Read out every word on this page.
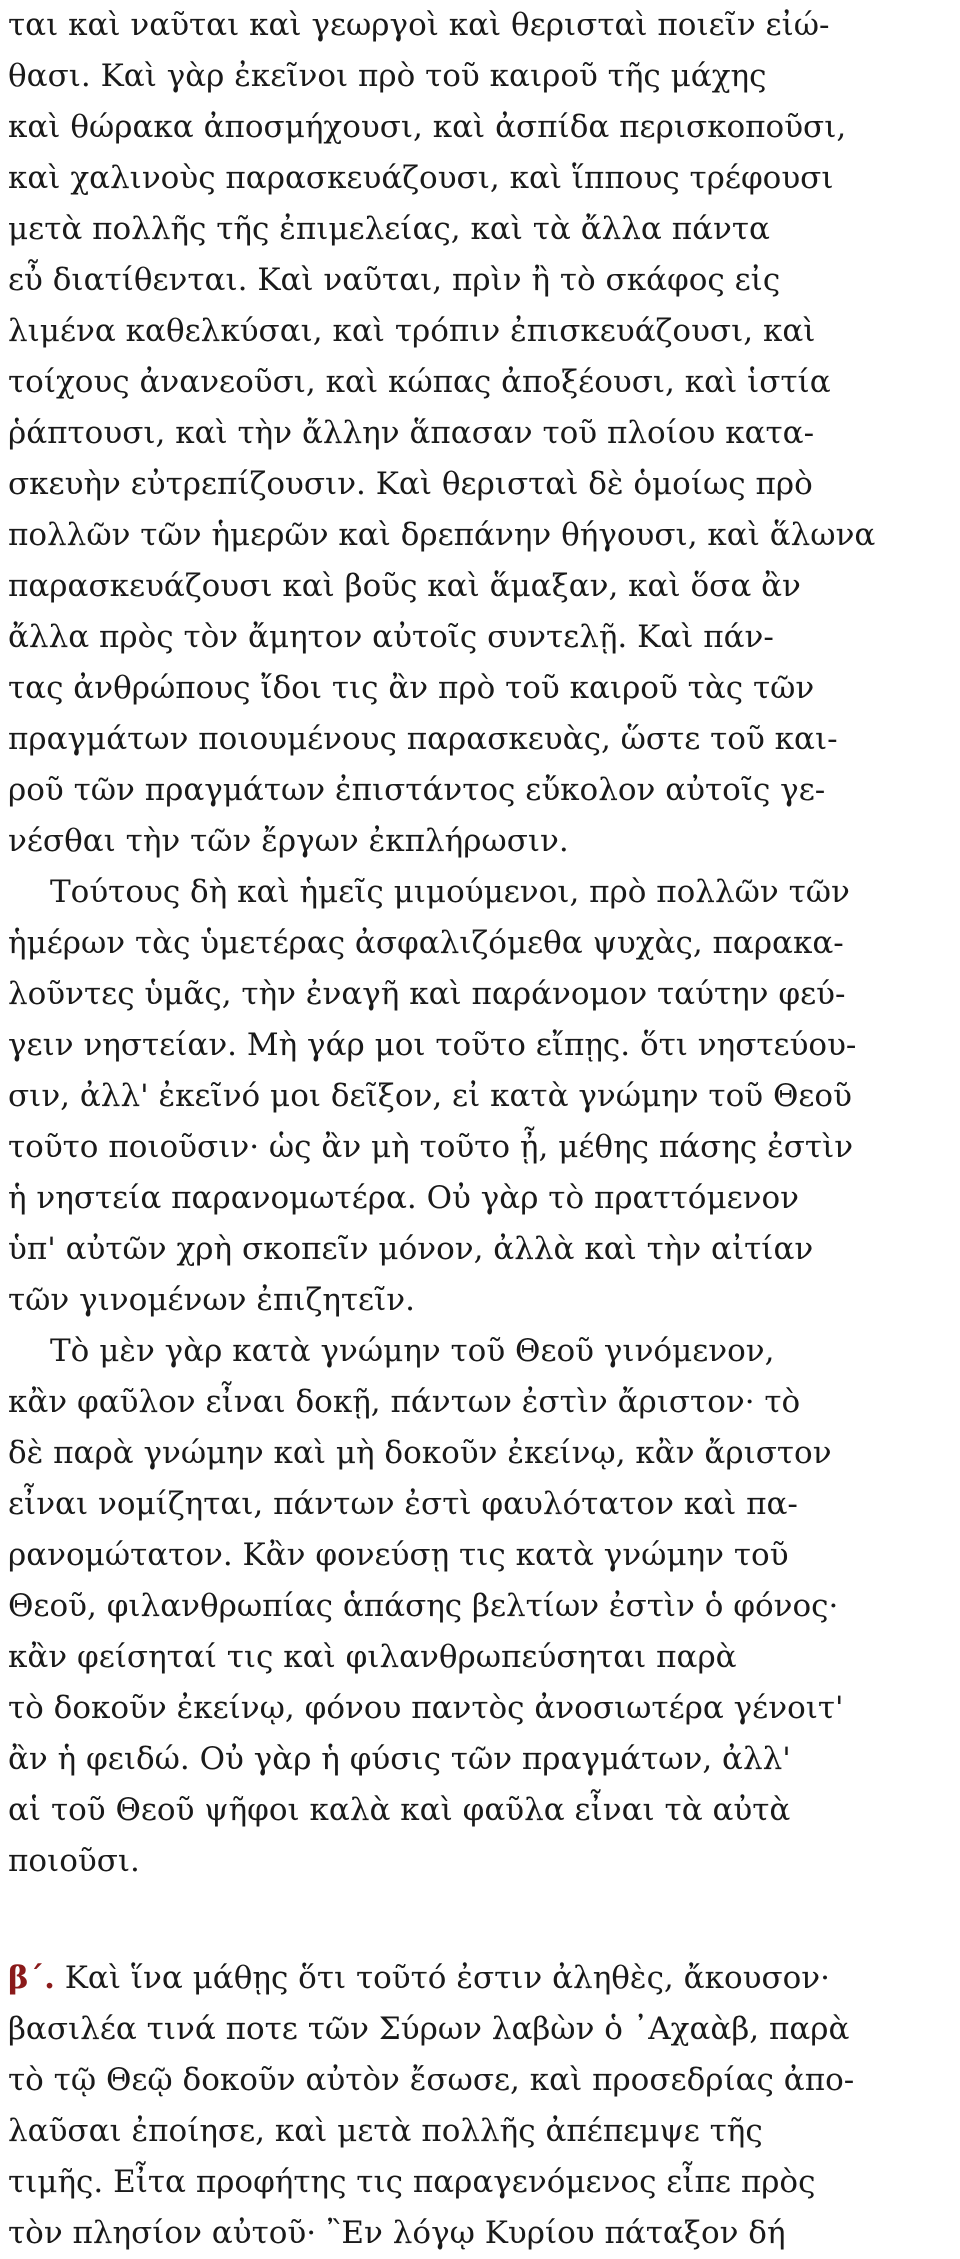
ται καὶ ναῦται καὶ γεωργοὶ καὶ θερισταὶ ποιεῖν εἰώ-
θασι. Καὶ γὰρ ἐκεῖνοι πρὸ τοῦ καιροῦ τῆς μάχης
καὶ θώρακα ἀποσμήχουσι, καὶ ἀσπίδα περισκοποῦσι,
καὶ χαλινοὺς παρασκευάζουσι, καὶ ἵππους τρέφουσι
μετὰ πολλῆς τῆς ἐπιμελείας, καὶ τὰ ἄλλα πάντα
εὖ διατίθενται. Καὶ ναῦται, πρὶν ἢ τὸ σκάφος εἰς
λιμένα καθελκύσαι, καὶ τρόπιν ἐπισκευάζουσι, καὶ
τοίχους ἀνανεοῦσι, καὶ κώπας ἀποξέουσι, καὶ ἱστία
ῥάπτουσι, καὶ τὴν ἄλλην ἅπασαν τοῦ πλοίου κατα-
σκευὴν εὐτρεπίζουσιν. Καὶ θερισταὶ δὲ ὁμοίως πρὸ
πολλῶν τῶν ἡμερῶν καὶ δρεπάνην θήγουσι, καὶ ἅλωνα
παρασκευάζουσι καὶ βοῦς καὶ ἅμαξαν, καὶ ὅσα ἂν
ἄλλα πρὸς τὸν ἄμητον αὐτοῖς συντελῇ. Καὶ πάν-
τας ἀνθρώπους ἴδοι τις ἂν πρὸ τοῦ καιροῦ τὰς τῶν
πραγμάτων ποιουμένους παρασκευὰς, ὥστε τοῦ και-
ροῦ τῶν πραγμάτων ἐπιστάντος εὔκολον αὐτοῖς γε-
νέσθαι τὴν τῶν ἔργων ἐκπλήρωσιν.
Τούτους δὴ καὶ ἡμεῖς μιμούμενοι, πρὸ πολλῶν τῶν
ἡμέρων τὰς ὑμετέρας ἀσφαλιζόμεθα ψυχὰς, παρακα-
λοῦντες ὑμᾶς, τὴν ἐναγῆ καὶ παράνομον ταύτην φεύ-
γειν νηστείαν. Μὴ γάρ μοι τοῦτο εἴπῃς. ὅτι νηστεύου-
σιν, ἀλλ' ἐκεῖνό μοι δεῖξον, εἰ κατὰ γνώμην τοῦ Θεοῦ
τοῦτο ποιοῦσιν· ὡς ἂν μὴ τοῦτο ᾖ, μέθης πάσης ἐστὶν
ἡ νηστεία παρανομωτέρα. Οὐ γὰρ τὸ πραττόμενον
ὑπ' αὐτῶν χρὴ σκοπεῖν μόνον, ἀλλὰ καὶ τὴν αἰτίαν
τῶν γινομένων ἐπιζητεῖν.
Τὸ μὲν γὰρ κατὰ γνώμην τοῦ Θεοῦ γινόμενον,
κἂν φαῦλον εἶναι δοκῇ, πάντων ἐστὶν ἄριστον· τὸ
δὲ παρὰ γνώμην καὶ μὴ δοκοῦν ἐκείνῳ, κἂν ἄριστον
εἶναι νομίζηται, πάντων ἐστὶ φαυλότατον καὶ πα-
ρανομώτατον. Κἂν φονεύσῃ τις κατὰ γνώμην τοῦ
Θεοῦ, φιλανθρωπίας ἁπάσης βελτίων ἐστὶν ὁ φόνος·
κἂν φείσηταί τις καὶ φιλανθρωπεύσηται παρὰ
τὸ δοκοῦν ἐκείνῳ, φόνου παντὸς ἀνοσιωτέρα γένοιτ'
ἂν ἡ φειδώ. Οὐ γὰρ ἡ φύσις τῶν πραγμάτων, ἀλλ'
αἱ τοῦ Θεοῦ ψῆφοι καλὰ καὶ φαῦλα εἶναι τὰ αὐτὰ
ποιοῦσι.
β΄. Καὶ ἵνα μάθῃς ὅτι τοῦτό ἐστιν ἀληθὲς, ἄκουσον·
βασιλέα τινά ποτε τῶν Σύρων λαβὼν ὁ ᾿Αχαὰβ, παρὰ
τὸ τῷ Θεῷ δοκοῦν αὐτὸν ἔσωσε, καὶ προσεδρίας ἀπο-
λαῦσαι ἐποίησε, καὶ μετὰ πολλῆς ἀπέπεμψε τῆς
τιμῆς. Εἶτα προφήτης τις παραγενόμενος εἶπε πρὸς
τὸν πλησίον αὐτοῦ· ῍Εν λόγῳ Κυρίου πάταξον δή
